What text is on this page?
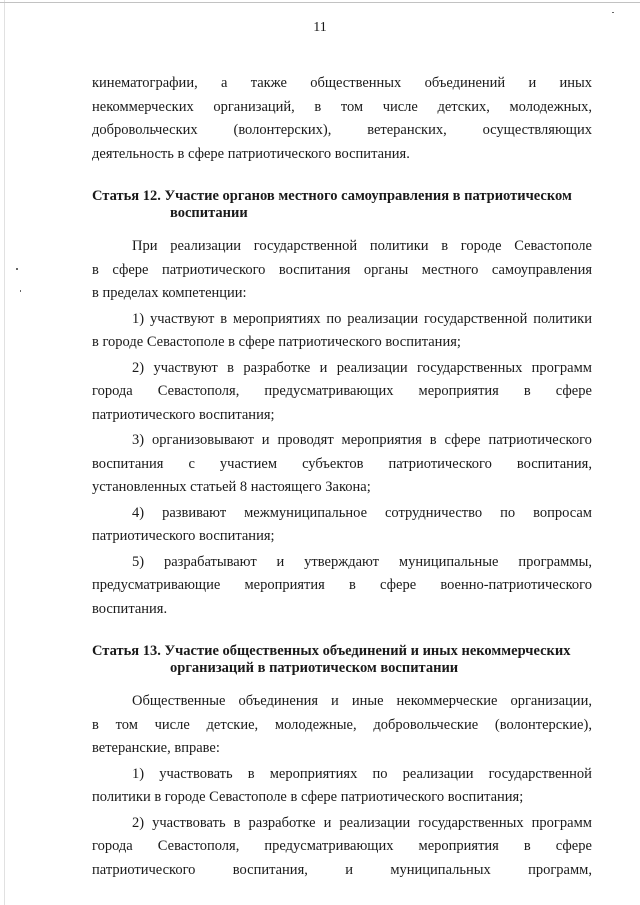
11
кинематографии, а также общественных объединений и иных
некоммерческих организаций, в том числе детских, молодежных,
добровольческих (волонтерских), ветеранских, осуществляющих
деятельность в сфере патриотического воспитания.
Статья 12. Участие органов местного самоуправления в патриотическом
воспитании
При реализации государственной политики в городе Севастополе
в сфере патриотического воспитания органы местного самоуправления
в пределах компетенции:
1) участвуют в мероприятиях по реализации государственной политики
в городе Севастополе в сфере патриотического воспитания;
2) участвуют в разработке и реализации государственных программ
города Севастополя, предусматривающих мероприятия в сфере
патриотического воспитания;
3) организовывают и проводят мероприятия в сфере патриотического
воспитания с участием субъектов патриотического воспитания,
установленных статьей 8 настоящего Закона;
4) развивают межмуниципальное сотрудничество по вопросам
патриотического воспитания;
5) разрабатывают и утверждают муниципальные программы,
предусматривающие мероприятия в сфере военно-патриотического
воспитания.
Статья 13. Участие общественных объединений и иных некоммерческих
организаций в патриотическом воспитании
Общественные объединения и иные некоммерческие организации,
в том числе детские, молодежные, добровольческие (волонтерские),
ветеранские, вправе:
1) участвовать в мероприятиях по реализации государственной
политики в городе Севастополе в сфере патриотического воспитания;
2) участвовать в разработке и реализации государственных программ
города Севастополя, предусматривающих мероприятия в сфере
патриотического	воспитания,	и	муниципальных	программ,
